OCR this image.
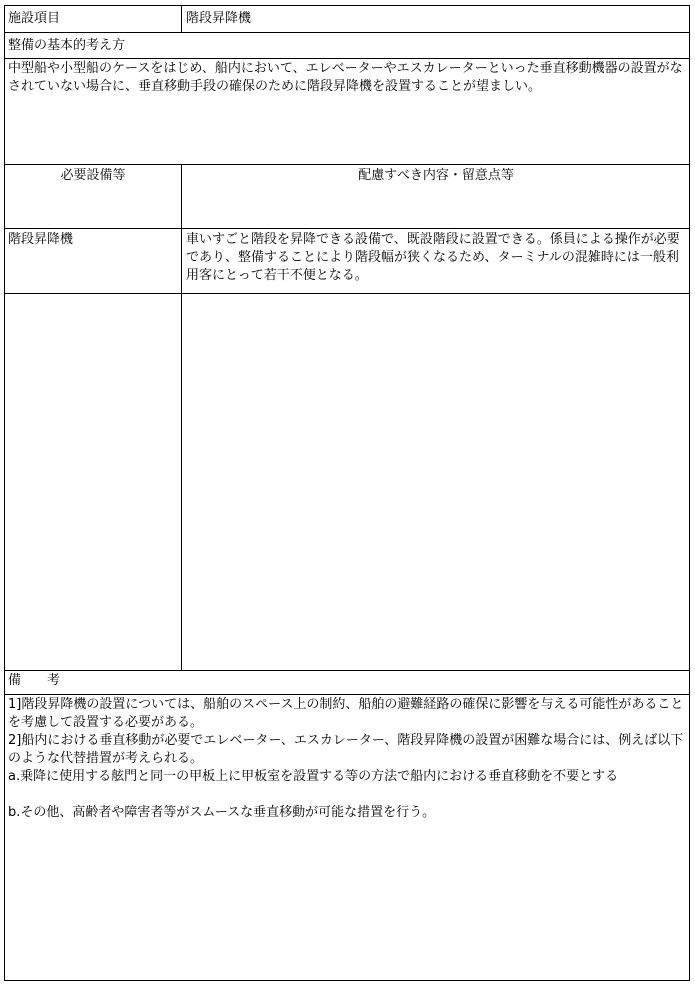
施設項目	階段昇降機
整備の基本的考え方
中型船や小型船のケースをはじめ、船内において、エレベーターやエスカレーターといった垂直移動機器の設置がなされていない場合に、垂直移動手段の確保のために階段昇降機を設置することが望ましい。
必要設備等	配慮すべき内容・留意点等
階段昇降機	車いすごと階段を昇降できる設備で、既設階段に設置できる。係員による操作が必要であり、整備することにより階段幅が狭くなるため、ターミナルの混雑時には一般利用客にとって若干不便となる。
備　　考
1]階段昇降機の設置については、船舶のスペース上の制約、船舶の避難経路の確保に影響を与える可能性があることを考慮して設置する必要がある。
2]船内における垂直移動が必要でエレベーター、エスカレーター、階段昇降機の設置が困難な場合には、例えば以下のような代替措置が考えられる。
a.乗降に使用する舷門と同一の甲板上に甲板室を設置する等の方法で船内における垂直移動を不要とする
b.その他、高齢者や障害者等がスムースな垂直移動が可能な措置を行う。
